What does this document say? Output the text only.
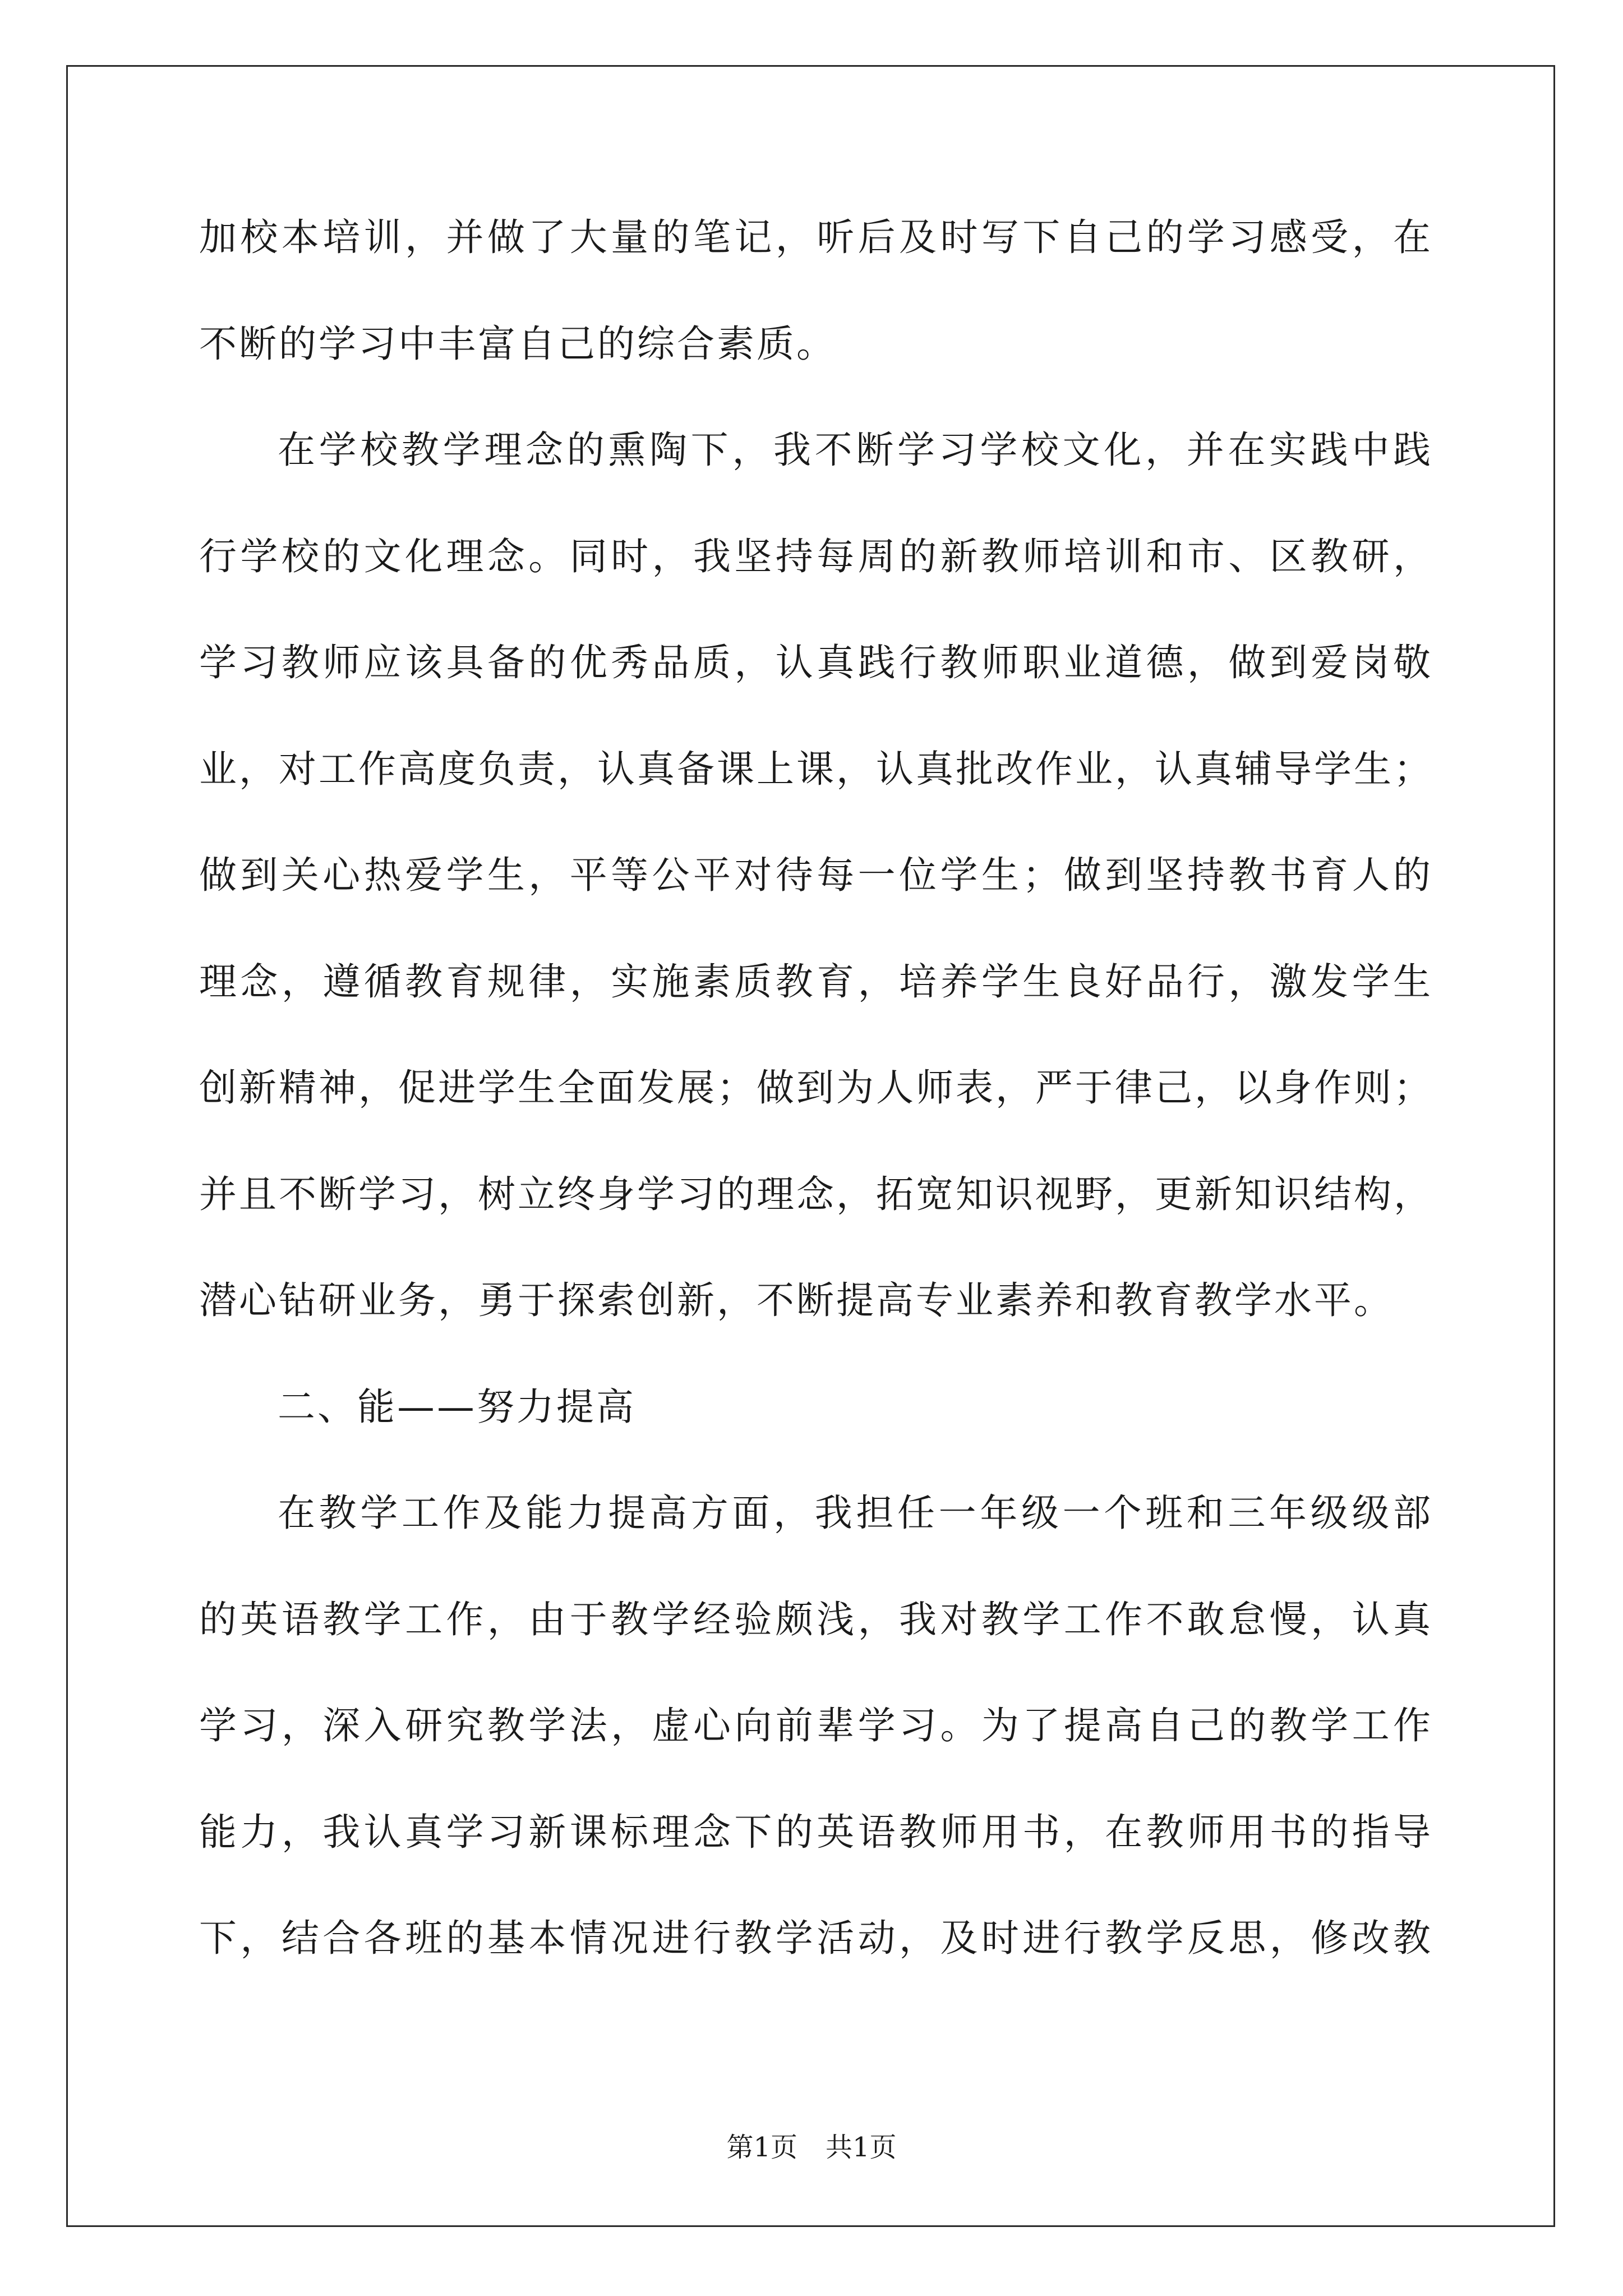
加校本培训，并做了大量的笔记，听后及时写下自己的学习感受，在
不断的学习中丰富自己的综合素质。
在学校教学理念的熏陶下，我不断学习学校文化，并在实践中践
行学校的文化理念。同时，我坚持每周的新教师培训和市、区教研，
学习教师应该具备的优秀品质，认真践行教师职业道德，做到爱岗敬
业，对工作高度负责，认真备课上课，认真批改作业，认真辅导学生；
做到关心热爱学生，平等公平对待每一位学生；做到坚持教书育人的
理念，遵循教育规律，实施素质教育，培养学生良好品行，激发学生
创新精神，促进学生全面发展；做到为人师表，严于律己，以身作则；
并且不断学习，树立终身学习的理念，拓宽知识视野，更新知识结构，
潜心钻研业务，勇于探索创新，不断提高专业素养和教育教学水平。
二、能——努力提高
在教学工作及能力提高方面，我担任一年级一个班和三年级级部
的英语教学工作，由于教学经验颇浅，我对教学工作不敢怠慢，认真
学习，深入研究教学法，虚心向前辈学习。为了提高自己的教学工作
能力，我认真学习新课标理念下的英语教师用书，在教师用书的指导
下，结合各班的基本情况进行教学活动，及时进行教学反思，修改教
第1页 共1页
